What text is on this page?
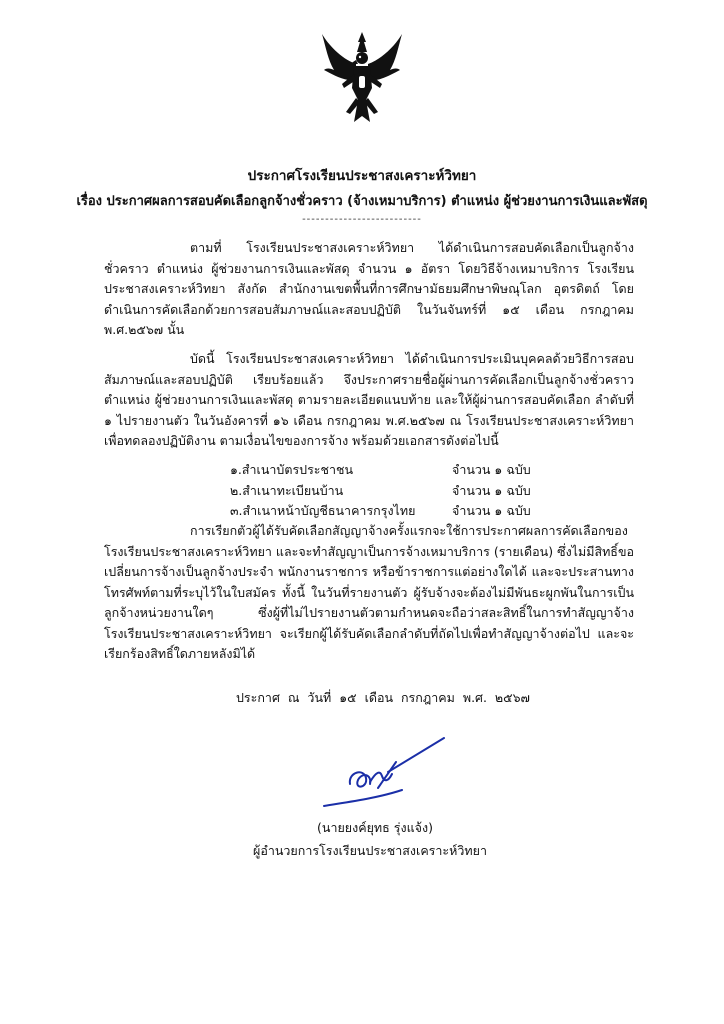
ประกาศโรงเรียนประชาสงเคราะห์วิทยา
เรื่อง ประกาศผลการสอบคัดเลือกลูกจ้างชั่วคราว (จ้างเหมาบริการ) ตำแหน่ง ผู้ช่วยงานการเงินและพัสดุ
--------------------------
ตามที่ โรงเรียนประชาสงเคราะห์วิทยา ได้ดำเนินการสอบคัดเลือกเป็นลูกจ้างชั่วคราว ตำแหน่ง ผู้ช่วยงานการเงินและพัสดุ จำนวน ๑ อัตรา โดยวิธีจ้างเหมาบริการ โรงเรียนประชาสงเคราะห์วิทยา สังกัด สำนักงานเขตพื้นที่การศึกษามัธยมศึกษาพิษณุโลก อุตรดิตถ์ โดยดำเนินการคัดเลือกด้วยการสอบสัมภาษณ์และสอบปฏิบัติ ในวันจันทร์ที่ ๑๕ เดือน กรกฎาคม พ.ศ.๒๕๖๗ นั้น
บัดนี้ โรงเรียนประชาสงเคราะห์วิทยา ได้ดำเนินการประเมินบุคคลด้วยวิธีการสอบสัมภาษณ์และสอบปฏิบัติ เรียบร้อยแล้ว จึงประกาศรายชื่อผู้ผ่านการคัดเลือกเป็นลูกจ้างชั่วคราว ตำแหน่ง ผู้ช่วยงานการเงินและพัสดุ ตามรายละเอียดแนบท้าย และให้ผู้ผ่านการสอบคัดเลือก ลำดับที่ ๑ ไปรายงานตัว ในวันอังคารที่ ๑๖ เดือน กรกฎาคม พ.ศ.๒๕๖๗ ณ โรงเรียนประชาสงเคราะห์วิทยา เพื่อทดลองปฏิบัติงาน ตามเงื่อนไขของการจ้าง พร้อมด้วยเอกสารดังต่อไปนี้
๑.สำเนาบัตรประชาชน	จำนวน ๑ ฉบับ
๒.สำเนาทะเบียนบ้าน	จำนวน ๑ ฉบับ
๓.สำเนาหน้าบัญชีธนาคารกรุงไทย	จำนวน ๑ ฉบับ
การเรียกตัวผู้ได้รับคัดเลือกสัญญาจ้างครั้งแรกจะใช้การประกาศผลการคัดเลือกของโรงเรียนประชาสงเคราะห์วิทยา และจะทำสัญญาเป็นการจ้างเหมาบริการ (รายเดือน) ซึ่งไม่มีสิทธิ์ขอเปลี่ยนการจ้างเป็นลูกจ้างประจำ พนักงานราชการ หรือข้าราชการแต่อย่างใดได้ และจะประสานทางโทรศัพท์ตามที่ระบุไว้ในใบสมัคร ทั้งนี้ ในวันที่รายงานตัว ผู้รับจ้างจะต้องไม่มีพันธะผูกพันในการเป็นลูกจ้างหน่วยงานใดๆ ซึ่งผู้ที่ไม่ไปรายงานตัวตามกำหนดจะถือว่าสละสิทธิ์ในการทำสัญญาจ้าง โรงเรียนประชาสงเคราะห์วิทยา จะเรียกผู้ได้รับคัดเลือกลำดับที่ถัดไปเพื่อทำสัญญาจ้างต่อไป และจะเรียกร้องสิทธิ์ใดภายหลังมิได้
ประกาศ ณ วันที่ ๑๕ เดือน กรกฎาคม พ.ศ. ๒๕๖๗
(นายยงค์ยุทธ รุ่งแจ้ง)
ผู้อำนวยการโรงเรียนประชาสงเคราะห์วิทยา
